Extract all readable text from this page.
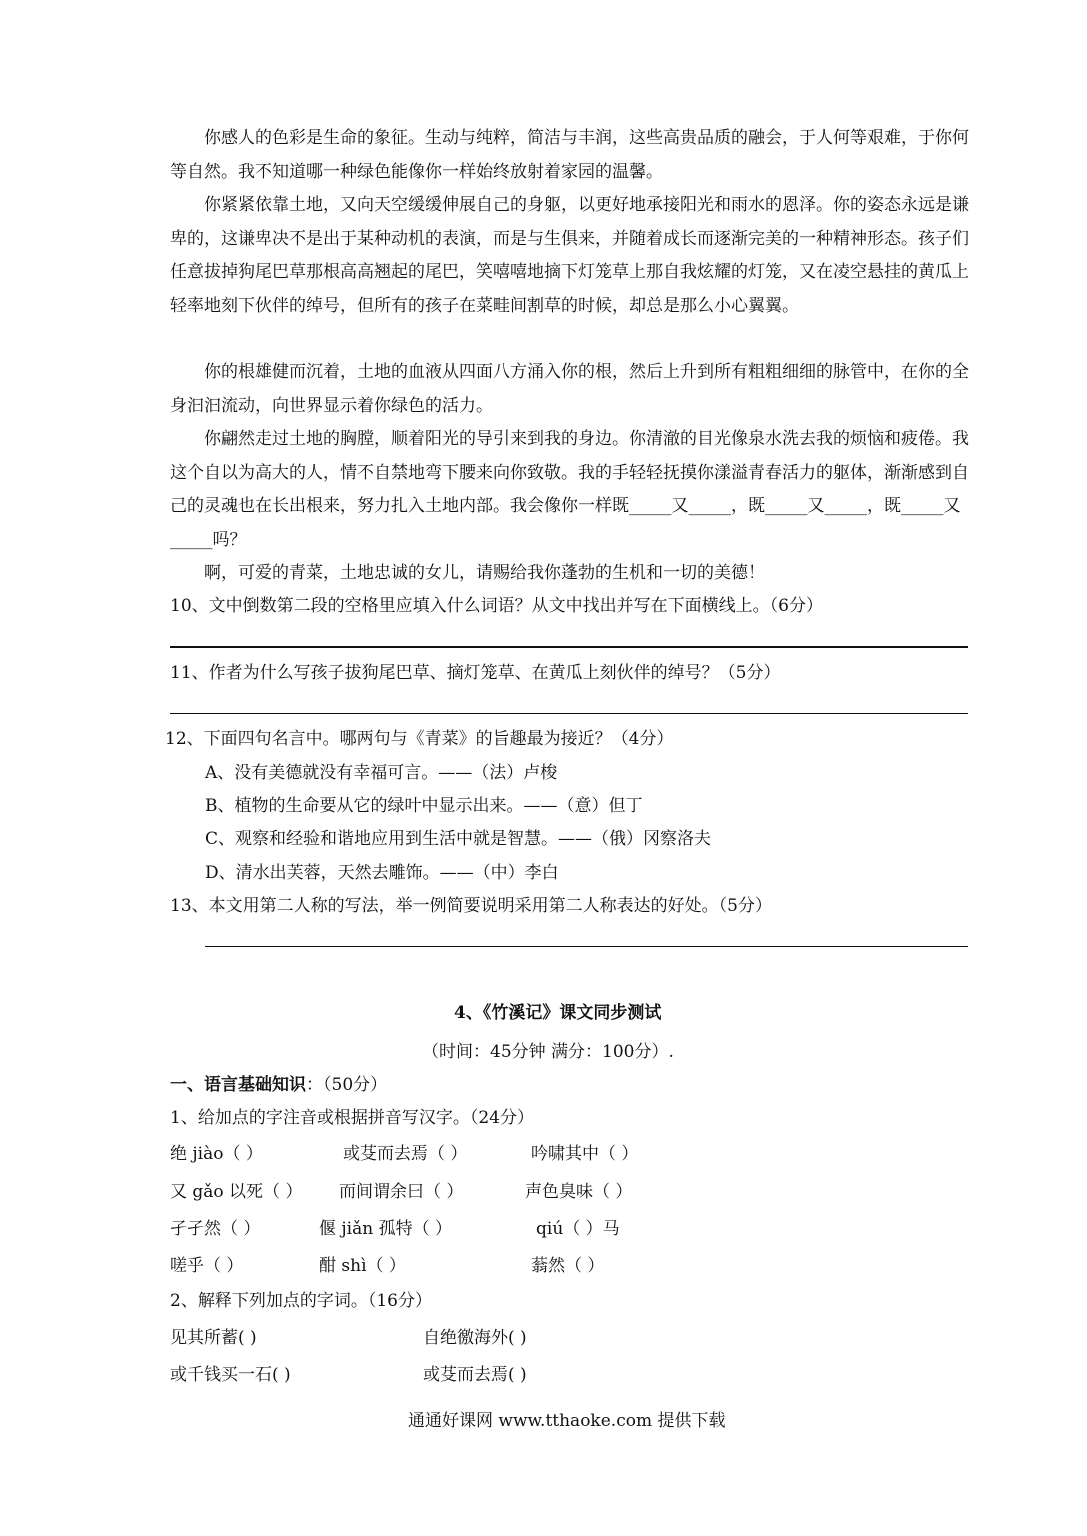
你感人的色彩是生命的象征。生动与纯粹，简洁与丰润，这些高贵品质的融会，于人何等艰难，于你何等自然。我不知道哪一种绿色能像你一样始终放射着家园的温馨。
你紧紧依靠土地，又向天空缓缓伸展自己的身躯，以更好地承接阳光和雨水的恩泽。你的姿态永远是谦卑的，这谦卑决不是出于某种动机的表演，而是与生俱来，并随着成长而逐渐完美的一种精神形态。孩子们任意拔掉狗尾巴草那根高高翘起的尾巴，笑嘻嘻地摘下灯笼草上那自我炫耀的灯笼，又在凌空悬挂的黄瓜上轻率地刻下伙伴的绰号，但所有的孩子在菜畦间割草的时候，却总是那么小心翼翼。
你的根雄健而沉着，土地的血液从四面八方涌入你的根，然后上升到所有粗粗细细的脉管中，在你的全身汩汩流动，向世界显示着你绿色的活力。
你翩然走过土地的胸膛，顺着阳光的导引来到我的身边。你清澈的目光像泉水洗去我的烦恼和疲倦。我这个自以为高大的人，情不自禁地弯下腰来向你致敬。我的手轻轻抚摸你漾溢青春活力的躯体，渐渐感到自己的灵魂也在长出根来，努力扎入土地内部。我会像你一样既_____又_____，既_____又_____，既_____又_____吗？
啊，可爱的青菜，土地忠诚的女儿，请赐给我你蓬勃的生机和一切的美德！
10、文中倒数第二段的空格里应填入什么词语？从文中找出并写在下面横线上。（6分）
11、作者为什么写孩子拔狗尾巴草、摘灯笼草、在黄瓜上刻伙伴的绰号？（5分）
12、下面四句名言中。哪两句与《青菜》的旨趣最为接近？（4分）
A、没有美德就没有幸福可言。——（法）卢梭
B、植物的生命要从它的绿叶中显示出来。——（意）但丁
C、观察和经验和谐地应用到生活中就是智慧。——（俄）冈察洛夫
D、清水出芙蓉，天然去雕饰。——（中）李白
13、本文用第二人称的写法，举一例简要说明采用第二人称表达的好处。（5分）
4、《竹溪记》课文同步测试
（时间：45分钟 满分：100分）.
一、语言基础知识：（50分）
1、给加点的字注音或根据拼音写汉字。（24分）
绝 jiào（ ）	或芟而去焉（ ）	吟啸其中（ ）
又 gǎo 以死（ ） 而间谓余曰（ ）	声色臭味（ ）
孑孑然（ ）	偃 jiǎn 孤特（ ）	qiú（ ）马
嗟乎（ ）	酣 shì（ ）	蓊然（ ）
2、解释下列加点的字词。（16分）
见其所蓄( )	自绝徼海外( )
或千钱买一石( )	或芟而去焉( )
通通好课网 www.tthaoke.com 提供下载
